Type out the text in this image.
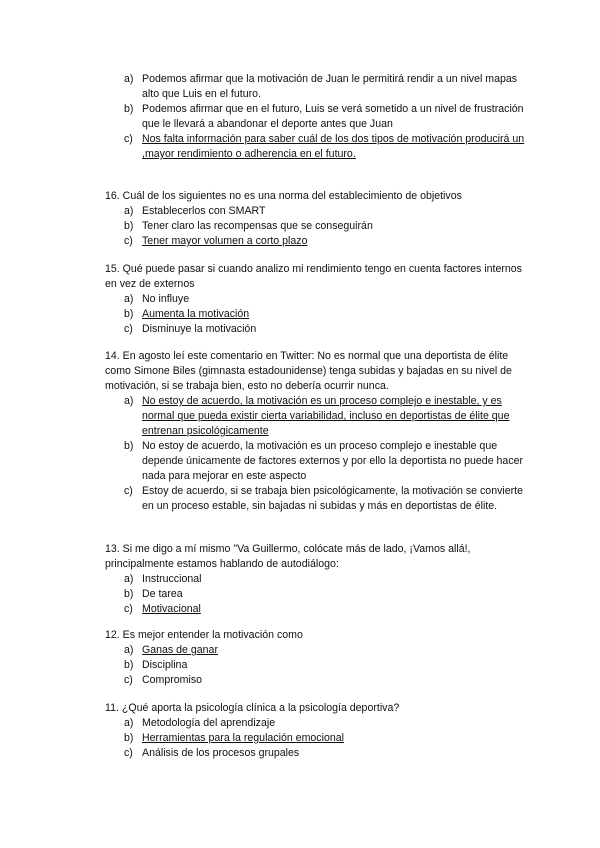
a) Podemos afirmar que la motivación de Juan le permitirá rendir a un nivel mapas alto que Luis en el futuro.
b) Podemos afirmar que en el futuro, Luis se verá sometido a un nivel de frustración que le llevará a abandonar el deporte antes que Juan
c) Nos falta información para saber cuál de los dos tipos de motivación producirá un ,mayor rendimiento o adherencia en el futuro.

16. Cuál de los siguientes no es una norma del establecimiento de objetivos

a) Establecerlos con SMART
b) Tener claro las recompensas que se conseguirán
c) Tener mayor volumen a corto plazo

15. Qué puede pasar si cuando analizo mi rendimiento tengo en cuenta factores internos en vez de externos

a) No influye
b) Aumenta la motivación
c) Disminuye la motivación

14. En agosto leí este comentario en Twitter: No es normal que una deportista de élite como Simone Biles (gimnasta estadounidense) tenga subidas y bajadas en su nivel de motivación, si se trabaja bien, esto no debería ocurrir nunca.

a) No estoy de acuerdo, la motivación es un proceso complejo e inestable, y es normal que pueda existir cierta variabilidad, incluso en deportistas de élite que entrenan psicológicamente
b) No estoy de acuerdo, la motivación es un proceso complejo e inestable que depende únicamente de factores externos y por ello la deportista no puede hacer nada para mejorar en este aspecto
c) Estoy de acuerdo, si se trabaja bien psicológicamente, la motivación se convierte en un proceso estable, sin bajadas ni subidas y más en deportistas de élite.

13. Si me digo a mí mismo "Va Guillermo, colócate más de lado, ¡Vamos allá!, principalmente estamos hablando de autodiálogo:

a) Instruccional
b) De tarea
c) Motivacional

12. Es mejor entender la motivación como

a) Ganas de ganar
b) Disciplina
c) Compromiso

11. ¿Qué aporta la psicología clínica a la psicología deportiva?

a) Metodología del aprendizaje
b) Herramientas para la regulación emocional
c) Análisis de los procesos grupales
